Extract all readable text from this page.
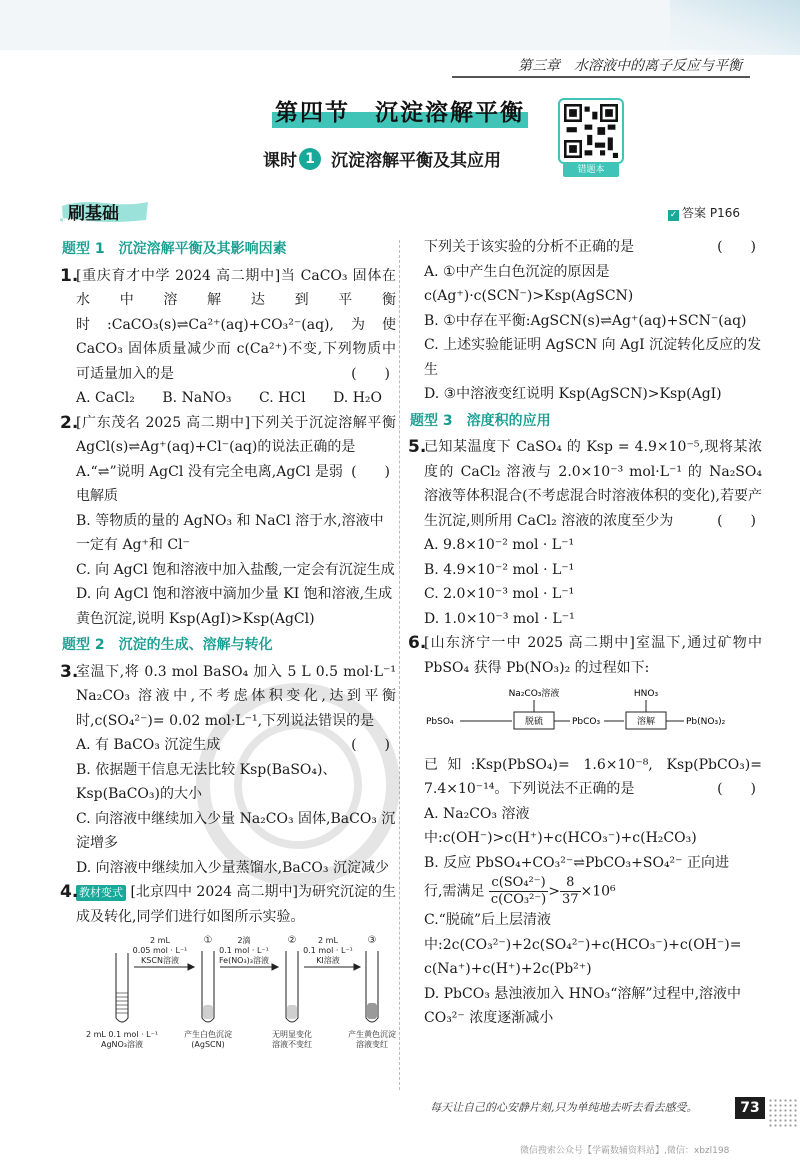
第三章　水溶液中的离子反应与平衡
第四节　沉淀溶解平衡
课时 1 沉淀溶解平衡及其应用	错题本
刷基础	✓ 答案 P166
题型 1　沉淀溶解平衡及其影响因素
1.
[重庆育才中学 2024 高二期中]当 CaCO₃ 固体在水中溶解达到平衡时:CaCO₃(s)⇌Ca²⁺(aq)+CO₃²⁻(aq),为使 CaCO₃ 固体质量减少而 c(Ca²⁺)不变,下列物质中可适量加入的是	(　　)
A. CaCl₂ B. NaNO₃ C. HCl D. H₂O
2.
[广东茂名 2025 高二期中]下列关于沉淀溶解平衡 AgCl(s)⇌Ag⁺(aq)+Cl⁻(aq)的说法正确的是
(　　)
A.“⇌”说明 AgCl 没有完全电离,AgCl 是弱电解质
B. 等物质的量的 AgNO₃ 和 NaCl 溶于水,溶液中一定有 Ag⁺和 Cl⁻
C. 向 AgCl 饱和溶液中加入盐酸,一定会有沉淀生成
D. 向 AgCl 饱和溶液中滴加少量 KI 饱和溶液,生成黄色沉淀,说明 Ksp(AgI)>Ksp(AgCl)
题型 2　沉淀的生成、溶解与转化
3.
室温下,将 0.3 mol BaSO₄ 加入 5 L 0.5 mol·L⁻¹ Na₂CO₃ 溶液中,不考虑体积变化,达到平衡时,c(SO₄²⁻)= 0.02 mol·L⁻¹,下列说法错误的是
(　　)
A. 有 BaCO₃ 沉淀生成
B. 依据题干信息无法比较 Ksp(BaSO₄)、Ksp(BaCO₃)的大小
C. 向溶液中继续加入少量 Na₂CO₃ 固体,BaCO₃ 沉淀增多
D. 向溶液中继续加入少量蒸馏水,BaCO₃ 沉淀减少
4. 教材变式 [北京四中 2024 高二期中]为研究沉淀的生成及转化,同学们进行如图所示实验。
2 mL
0.05 mol · L⁻¹
KSCN溶液
2滴
0.1 mol · L⁻¹
Fe(NO₃)₃溶液
2 mL
0.1 mol · L⁻¹
KI溶液
①	②	③
2 mL 0.1 mol · L⁻¹
AgNO₃溶液
产生白色沉淀
(AgSCN)
无明显变化
溶液不变红
产生黄色沉淀
溶液变红
下列关于该实验的分析不正确的是	(　　)
A. ①中产生白色沉淀的原因是 c(Ag⁺)·c(SCN⁻)>Ksp(AgSCN)
B. ①中存在平衡:AgSCN(s)⇌Ag⁺(aq)+SCN⁻(aq)
C. 上述实验能证明 AgSCN 向 AgI 沉淀转化反应的发生
D. ③中溶液变红说明 Ksp(AgSCN)>Ksp(AgI)
题型 3　溶度积的应用
5.
已知某温度下 CaSO₄ 的 Ksp = 4.9×10⁻⁵,现将某浓度的 CaCl₂ 溶液与 2.0×10⁻³ mol·L⁻¹ 的 Na₂SO₄ 溶液等体积混合(不考虑混合时溶液体积的变化),若要产生沉淀,则所用 CaCl₂ 溶液的浓度至少为	(　　)
A. 9.8×10⁻² mol · L⁻¹
B. 4.9×10⁻² mol · L⁻¹
C. 2.0×10⁻³ mol · L⁻¹
D. 1.0×10⁻³ mol · L⁻¹
6.
[山东济宁一中 2025 高二期中]室温下,通过矿物中 PbSO₄ 获得 Pb(NO₃)₂ 的过程如下:
Na₂CO₃溶液	HNO₃
PbSO₄	脱硫	PbCO₃	溶解	Pb(NO₃)₂
已知:Ksp(PbSO₄)= 1.6×10⁻⁸, Ksp(PbCO₃)= 7.4×10⁻¹⁴。下列说法不正确的是	(　　)
A. Na₂CO₃ 溶液中:c(OH⁻)>c(H⁺)+c(HCO₃⁻)+c(H₂CO₃)
B. 反应 PbSO₄+CO₃²⁻⇌PbCO₃+SO₄²⁻ 正向进
行,需满足 $\frac{\text{c(SO₄²⁻)}}{\text{c(CO₃²⁻)}} > \frac{8}{37} \times 10^6$
C.“脱硫”后上层清液中:2c(CO₃²⁻)+2c(SO₄²⁻)+c(HCO₃⁻)+c(OH⁻)= c(Na⁺)+c(H⁺)+2c(Pb²⁺)
D. PbCO₃ 悬浊液加入 HNO₃“溶解”过程中,溶液中 CO₃²⁻ 浓度逐渐减小
每天让自己的心安静片刻,只为单纯地去听去看去感受。	73
微信搜索公众号【学霸数辅资料站】,微信：xbzl198
